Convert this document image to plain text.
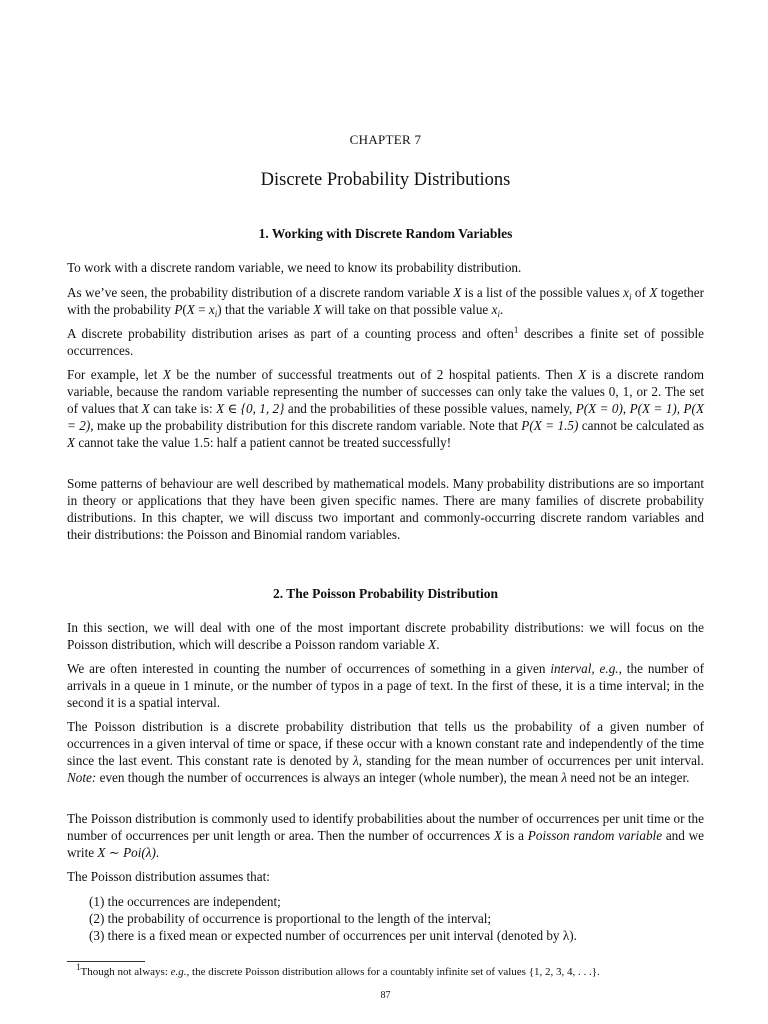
CHAPTER 7
Discrete Probability Distributions
1. Working with Discrete Random Variables

To work with a discrete random variable, we need to know its probability distribution.

As we’ve seen, the probability distribution of a discrete random variable X is a list of the possible values $x_i$ of X together with the probability $P(X = x_i)$ that the variable X will take on that possible value $x_i$.

A discrete probability distribution arises as part of a counting process and often$^1$ describes a finite set of possible occurrences.

For example, let X be the number of successful treatments out of 2 hospital patients. Then X is a discrete random variable, because the random variable representing the number of successes can only take the values 0, 1, or 2. The set of values that X can take is: X ∈ {0, 1, 2} and the probabilities of these possible values, namely, P(X = 0), P(X = 1), P(X = 2), make up the probability distribution for this discrete random variable. Note that P(X = 1.5) cannot be calculated as X cannot take the value 1.5: half a patient cannot be treated successfully!

Some patterns of behaviour are well described by mathematical models. Many probability distributions are so important in theory or applications that they have been given specific names. There are many families of discrete probability distributions. In this chapter, we will discuss two important and commonly-occurring discrete random variables and their distributions: the Poisson and Binomial random variables.

2. The Poisson Probability Distribution

In this section, we will deal with one of the most important discrete probability distributions: we will focus on the Poisson distribution, which will describe a Poisson random variable X.

We are often interested in counting the number of occurrences of something in a given interval, e.g., the number of arrivals in a queue in 1 minute, or the number of typos in a page of text. In the first of these, it is a time interval; in the second it is a spatial interval.

The Poisson distribution is a discrete probability distribution that tells us the probability of a given number of occurrences in a given interval of time or space, if these occur with a known constant rate and independently of the time since the last event. This constant rate is denoted by λ, standing for the mean number of occurrences per unit interval. Note: even though the number of occurrences is always an integer (whole number), the mean λ need not be an integer.

The Poisson distribution is commonly used to identify probabilities about the number of occurrences per unit time or the number of occurrences per unit length or area. Then the number of occurrences X is a Poisson random variable and we write X ∼ Poi(λ).

The Poisson distribution assumes that:

(1) the occurrences are independent;
(2) the probability of occurrence is proportional to the length of the interval;
(3) there is a fixed mean or expected number of occurrences per unit interval (denoted by λ).
$^1$Though not always: e.g., the discrete Poisson distribution allows for a countably infinite set of values {1, 2, 3, 4, . . .}.
87
